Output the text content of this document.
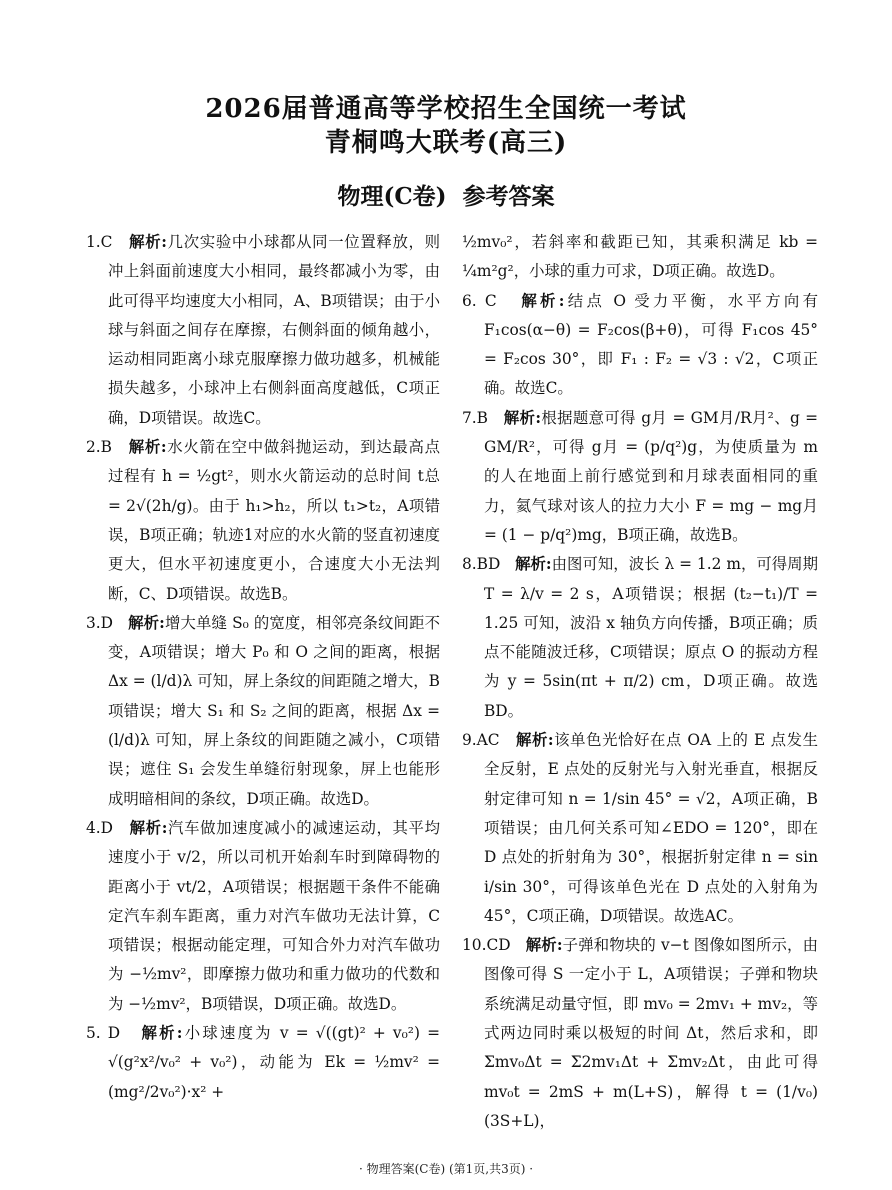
2026届普通高等学校招生全国统一考试
青桐鸣大联考(高三)
物理(C卷)  参考答案

1.C 解析:几次实验中小球都从同一位置释放，则冲上斜面前速度大小相同，最终都减小为零，由此可得平均速度大小相同，A、B项错误；由于小球与斜面之间存在摩擦，右侧斜面的倾角越小，运动相同距离小球克服摩擦力做功越多，机械能损失越多，小球冲上右侧斜面高度越低，C项正确，D项错误。故选C。

2.B 解析:水火箭在空中做斜抛运动，到达最高点过程有 h = ½gt²，则水火箭运动的总时间 t总 = 2√(2h/g)。由于 h₁>h₂，所以 t₁>t₂，A项错误，B项正确；轨迹1对应的水火箭的竖直初速度更大，但水平初速度更小，合速度大小无法判断，C、D项错误。故选B。

3.D 解析:增大单缝 S₀ 的宽度，相邻亮条纹间距不变，A项错误；增大 P₀ 和 O 之间的距离，根据 Δx = (l/d)λ 可知，屏上条纹的间距随之增大，B项错误；增大 S₁ 和 S₂ 之间的距离，根据 Δx = (l/d)λ 可知，屏上条纹的间距随之减小，C项错误；遮住 S₁ 会发生单缝衍射现象，屏上也能形成明暗相间的条纹，D项正确。故选D。

4.D 解析:汽车做加速度减小的减速运动，其平均速度小于 v/2，所以司机开始刹车时到障碍物的距离小于 vt/2，A项错误；根据题干条件不能确定汽车刹车距离，重力对汽车做功无法计算，C项错误；根据动能定理，可知合外力对汽车做功为 −½mv²，即摩擦力做功和重力做功的代数和为 −½mv²，B项错误，D项正确。故选D。

5. D 解析:小球速度为 v = √((gt)² + v₀²) = √(g²x²/v₀² + v₀²)，动能为 Ek = ½mv² = (mg²/2v₀²)·x² +

½mv₀²，若斜率和截距已知，其乘积满足 kb = ¼m²g²，小球的重力可求，D项正确。故选D。

6. C 解析:结点 O 受力平衡，水平方向有 F₁cos(α−θ) = F₂cos(β+θ)，可得 F₁cos 45° = F₂cos 30°，即 F₁ : F₂ = √3 : √2，C项正确。故选C。

7.B 解析:根据题意可得 g月 = GM月/R月²、g = GM/R²，可得 g月 = (p/q²)g，为使质量为 m 的人在地面上前行感觉到和月球表面相同的重力，氦气球对该人的拉力大小 F = mg − mg月 = (1 − p/q²)mg，B项正确，故选B。

8.BD 解析:由图可知，波长 λ = 1.2 m，可得周期 T = λ/v = 2 s，A项错误；根据 (t₂−t₁)/T = 1.25 可知，波沿 x 轴负方向传播，B项正确；质点不能随波迁移，C项错误；原点 O 的振动方程为 y = 5sin(πt + π/2) cm，D项正确。故选BD。

9.AC 解析:该单色光恰好在点 OA 上的 E 点发生全反射，E 点处的反射光与入射光垂直，根据反射定律可知 n = 1/sin 45° = √2，A项正确，B项错误；由几何关系可知∠EDO = 120°，即在 D 点处的折射角为 30°，根据折射定律 n = sin i/sin 30°，可得该单色光在 D 点处的入射角为 45°，C项正确，D项错误。故选AC。

10.CD 解析:子弹和物块的 v−t 图像如图所示，由图像可得 S 一定小于 L，A项错误；子弹和物块系统满足动量守恒，即 mv₀ = 2mv₁ + mv₂，等式两边同时乘以极短的时间 Δt，然后求和，即 Σmv₀Δt = Σ2mv₁Δt + Σmv₂Δt，由此可得 mv₀t = 2mS + m(L+S)，解得 t = (1/v₀)(3S+L)，

· 物理答案(C卷) (第1页,共3页) ·
